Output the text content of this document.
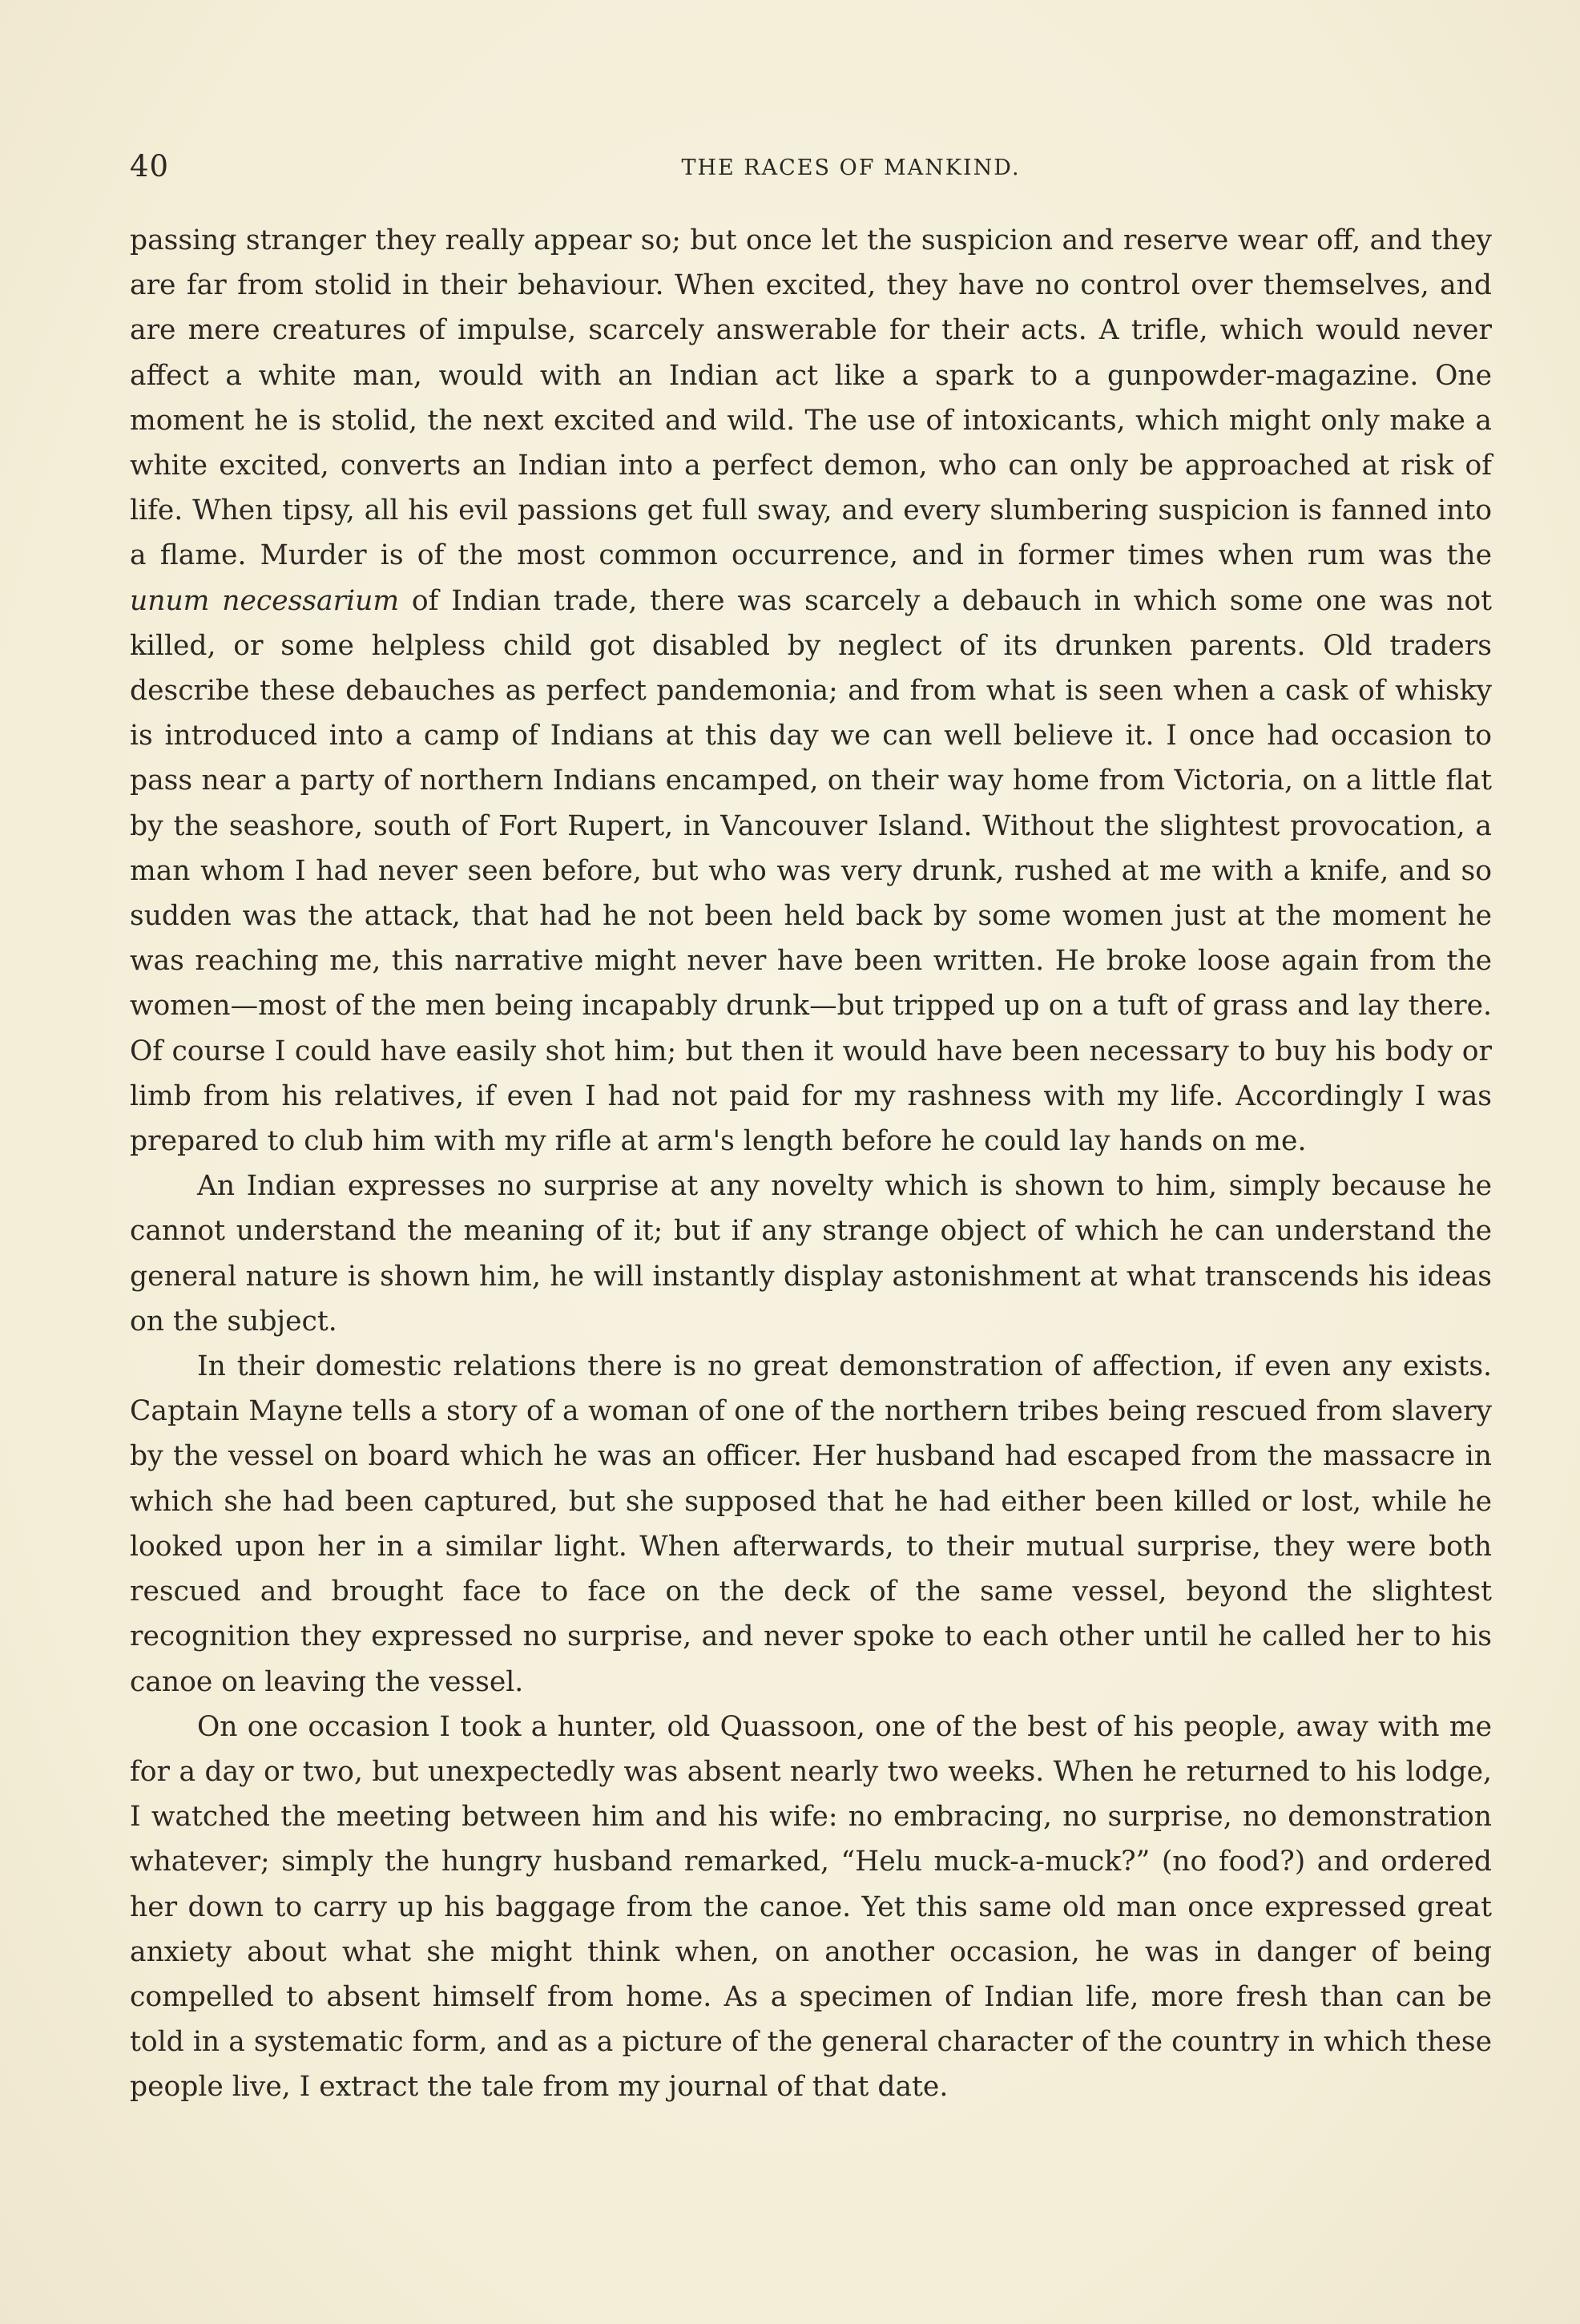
40	THE RACES OF MANKIND.

passing stranger they really appear so; but once let the suspicion and reserve wear off, and they are far from stolid in their behaviour. When excited, they have no control over themselves, and are mere creatures of impulse, scarcely answerable for their acts. A trifle, which would never affect a white man, would with an Indian act like a spark to a gunpowder-magazine. One moment he is stolid, the next excited and wild. The use of intoxicants, which might only make a white excited, converts an Indian into a perfect demon, who can only be approached at risk of life. When tipsy, all his evil passions get full sway, and every slumbering suspicion is fanned into a flame. Murder is of the most common occurrence, and in former times when rum was the unum necessarium of Indian trade, there was scarcely a debauch in which some one was not killed, or some helpless child got disabled by neglect of its drunken parents. Old traders describe these debauches as perfect pandemonia; and from what is seen when a cask of whisky is introduced into a camp of Indians at this day we can well believe it. I once had occasion to pass near a party of northern Indians encamped, on their way home from Victoria, on a little flat by the seashore, south of Fort Rupert, in Vancouver Island. Without the slightest provocation, a man whom I had never seen before, but who was very drunk, rushed at me with a knife, and so sudden was the attack, that had he not been held back by some women just at the moment he was reaching me, this narrative might never have been written. He broke loose again from the women—most of the men being incapably drunk—but tripped up on a tuft of grass and lay there. Of course I could have easily shot him; but then it would have been necessary to buy his body or limb from his relatives, if even I had not paid for my rashness with my life. Accordingly I was prepared to club him with my rifle at arm's length before he could lay hands on me.

An Indian expresses no surprise at any novelty which is shown to him, simply because he cannot understand the meaning of it; but if any strange object of which he can understand the general nature is shown him, he will instantly display astonishment at what transcends his ideas on the subject.

In their domestic relations there is no great demonstration of affection, if even any exists. Captain Mayne tells a story of a woman of one of the northern tribes being rescued from slavery by the vessel on board which he was an officer. Her husband had escaped from the massacre in which she had been captured, but she supposed that he had either been killed or lost, while he looked upon her in a similar light. When afterwards, to their mutual surprise, they were both rescued and brought face to face on the deck of the same vessel, beyond the slightest recognition they expressed no surprise, and never spoke to each other until he called her to his canoe on leaving the vessel.

On one occasion I took a hunter, old Quassoon, one of the best of his people, away with me for a day or two, but unexpectedly was absent nearly two weeks. When he returned to his lodge, I watched the meeting between him and his wife: no embracing, no surprise, no demonstration whatever; simply the hungry husband remarked, “Helu muck-a-muck?” (no food?) and ordered her down to carry up his baggage from the canoe. Yet this same old man once expressed great anxiety about what she might think when, on another occasion, he was in danger of being compelled to absent himself from home. As a specimen of Indian life, more fresh than can be told in a systematic form, and as a picture of the general character of the country in which these people live, I extract the tale from my journal of that date.
